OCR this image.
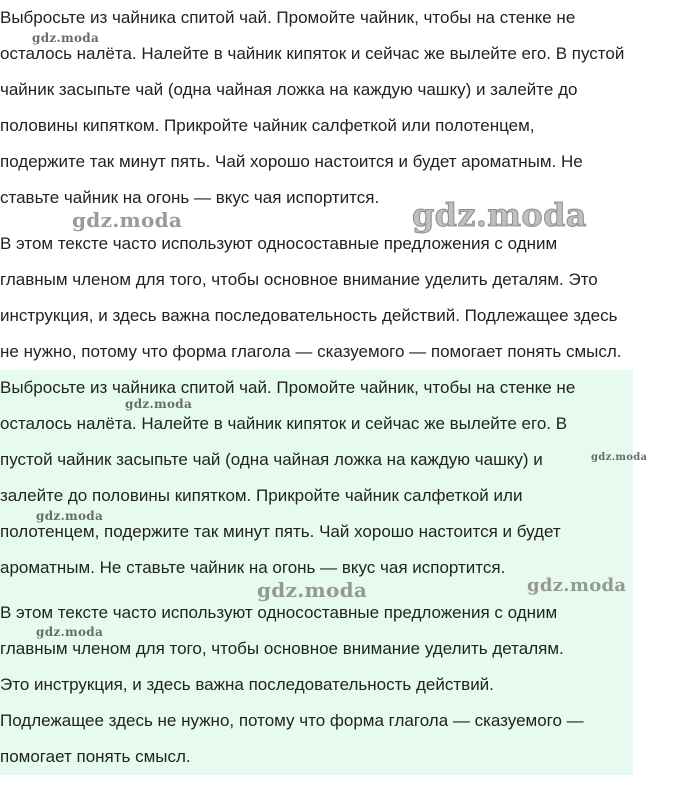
Выбросьте из чайника спитой чай. Промойте чайник, чтобы на стенке не

осталось налёта. Налейте в чайник кипяток и сейчас же вылейте его. В пустой

чайник засыпьте чай (одна чайная ложка на каждую чашку) и залейте до

половины кипятком. Прикройте чайник салфеткой или полотенцем,

подержите так минут пять. Чай хорошо настоится и будет ароматным. Не

ставьте чайник на огонь — вкус чая испортится.

В этом тексте часто используют односоставные предложения с одним

главным членом для того, чтобы основное внимание уделить деталям. Это

инструкция, и здесь важна последовательность действий. Подлежащее здесь

не нужно, потому что форма глагола — сказуемого — помогает понять смысл.

Выбросьте из чайника спитой чай. Промойте чайник, чтобы на стенке не

осталось налёта. Налейте в чайник кипяток и сейчас же вылейте его. В

пустой чайник засыпьте чай (одна чайная ложка на каждую чашку) и

залейте до половины кипятком. Прикройте чайник салфеткой или

полотенцем, подержите так минут пять. Чай хорошо настоится и будет

ароматным. Не ставьте чайник на огонь — вкус чая испортится.

В этом тексте часто используют односоставные предложения с одним

главным членом для того, чтобы основное внимание уделить деталям.

Это инструкция, и здесь важна последовательность действий.

Подлежащее здесь не нужно, потому что форма глагола — сказуемого —

помогает понять смысл.

gdz.moda
gdz.moda	gdz.moda
gdz.moda
gdz.moda
gdz.moda
gdz.moda	gdz.moda
gdz.moda
